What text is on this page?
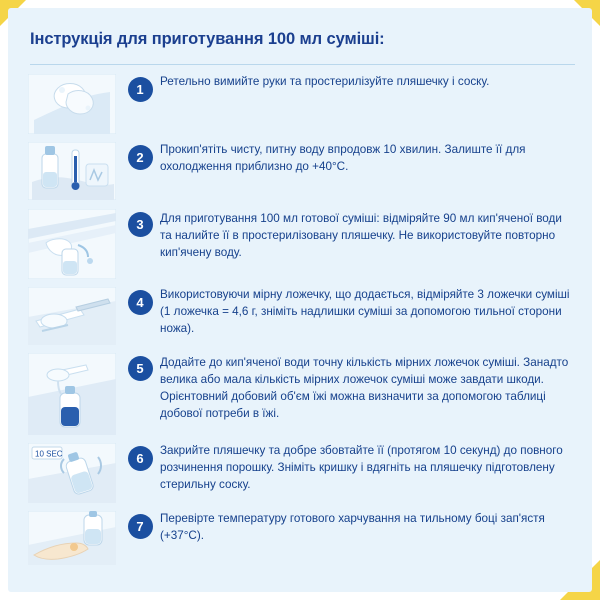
Інструкція для приготування 100 мл суміші:
1
Ретельно вимийте руки та простерилізуйте пляшечку і соску.
2
Прокип'ятіть чисту, питну воду впродовж 10 хвилин. Залиште її для охолодження приблизно до +40°C.
3	Для приготування 100 мл готової суміші: відміряйте 90 мл кип'яченої води та налийте її в простерилізовану пляшечку. Не використовуйте повторно кип'ячену воду.
4
Використовуючи мірну ложечку, що додається, відміряйте 3 ложечки суміші (1 ложечка = 4,6 г, зніміть надлишки суміші за допомогою тильної сторони ножа).
5	Додайте до кип'яченої води точну кількість мірних ложечок суміші. Занадто велика або мала кількість мірних ложечок суміші може завдати шкоди. Орієнтовний добовий об'єм їжі можна визначити за допомогою таблиці добової потреби в їжі.
10 SEC	6
Закрийте пляшечку та добре збовтайте її (протягом 10 секунд) до повного розчинення порошку. Зніміть кришку і вдягніть на пляшечку підготовлену стерильну соску.
7
Перевірте температуру готового харчування на тильному боці зап'ястя (+37°C).
